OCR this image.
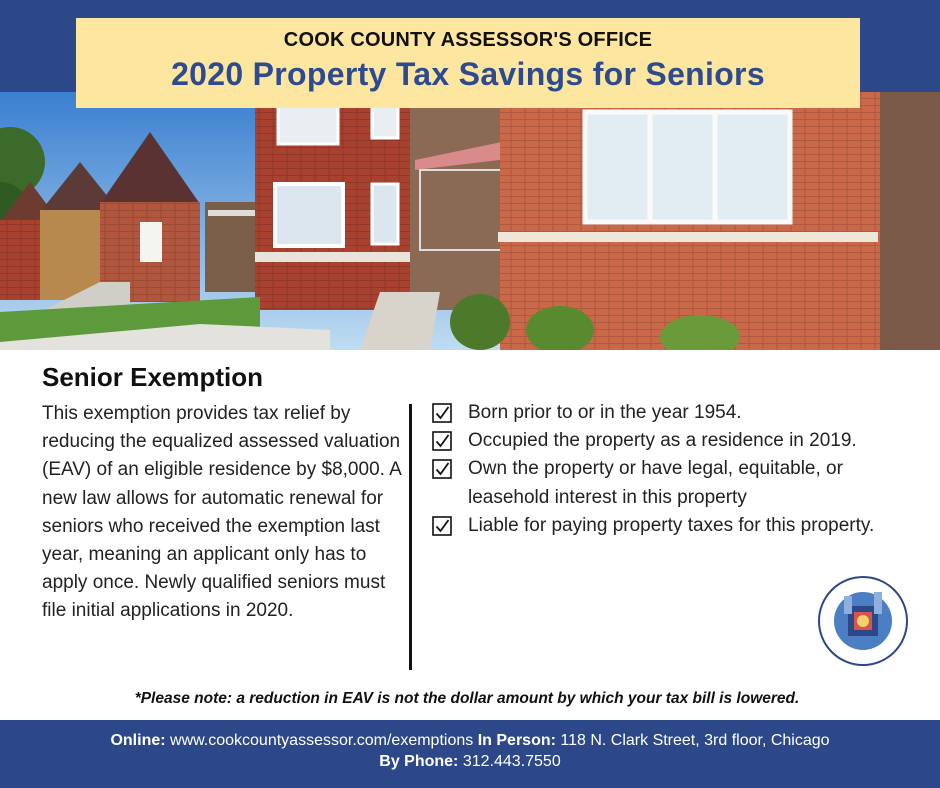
COOK COUNTY ASSESSOR'S OFFICE
2020 Property Tax Savings for Seniors
Senior Exemption

This exemption provides tax relief by reducing the equalized assessed valuation (EAV) of an eligible residence by $8,000. A new law allows for automatic renewal for seniors who received the exemption last year, meaning an applicant only has to apply once. Newly qualified seniors must file initial applications in 2020.

Born prior to or in the year 1954.
Occupied the property as a residence in 2019.
Own the property or have legal, equitable, or leasehold interest in this property
Liable for paying property taxes for this property.
*Please note: a reduction in EAV is not the dollar amount by which your tax bill is lowered.
Online: www.cookcountyassessor.com/exemptions In Person: 118 N. Clark Street, 3rd floor, Chicago
By Phone: 312.443.7550
